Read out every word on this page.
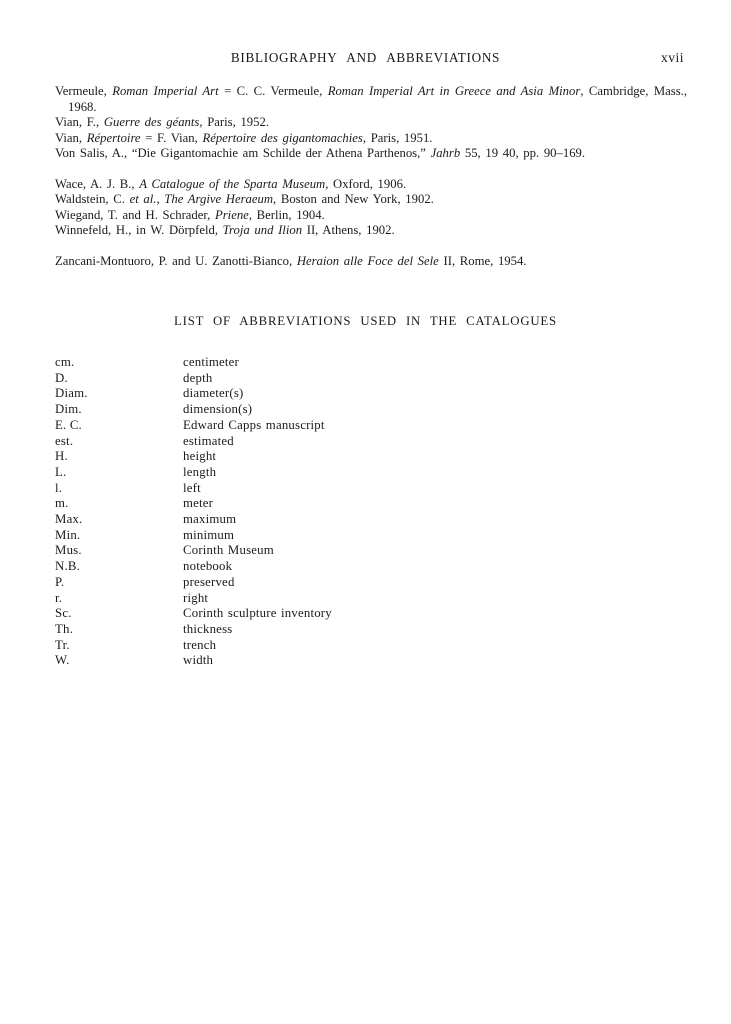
BIBLIOGRAPHY AND ABBREVIATIONS	xvii

Vermeule, Roman Imperial Art = C. C. Vermeule, Roman Imperial Art in Greece and Asia Minor, Cambridge, Mass., 1968.

Vian, F., Guerre des géants, Paris, 1952.

Vian, Répertoire = F. Vian, Répertoire des gigantomachies, Paris, 1951.

Von Salis, A., “Die Gigantomachie am Schilde der Athena Parthenos,” Jahrb 55, 19 40, pp. 90–169.

Wace, A. J. B., A Catalogue of the Sparta Museum, Oxford, 1906.

Waldstein, C. et al., The Argive Heraeum, Boston and New York, 1902.

Wiegand, T. and H. Schrader, Priene, Berlin, 1904.

Winnefeld, H., in W. Dörpfeld, Troja und Ilion II, Athens, 1902.

Zancani-Montuoro, P. and U. Zanotti-Bianco, Heraion alle Foce del Sele II, Rome, 1954.

LIST OF ABBREVIATIONS USED IN THE CATALOGUES
cm.	centimeter
D.	depth
Diam.	diameter(s)
Dim.	dimension(s)
E. C.	Edward Capps manuscript
est.	estimated
H.	height
L.	length
l.	left
m.	meter
Max.	maximum
Min.	minimum
Mus.	Corinth Museum
N.B.	notebook
P.	preserved
r.	right
Sc.	Corinth sculpture inventory
Th.	thickness
Tr.	trench
W.	width
